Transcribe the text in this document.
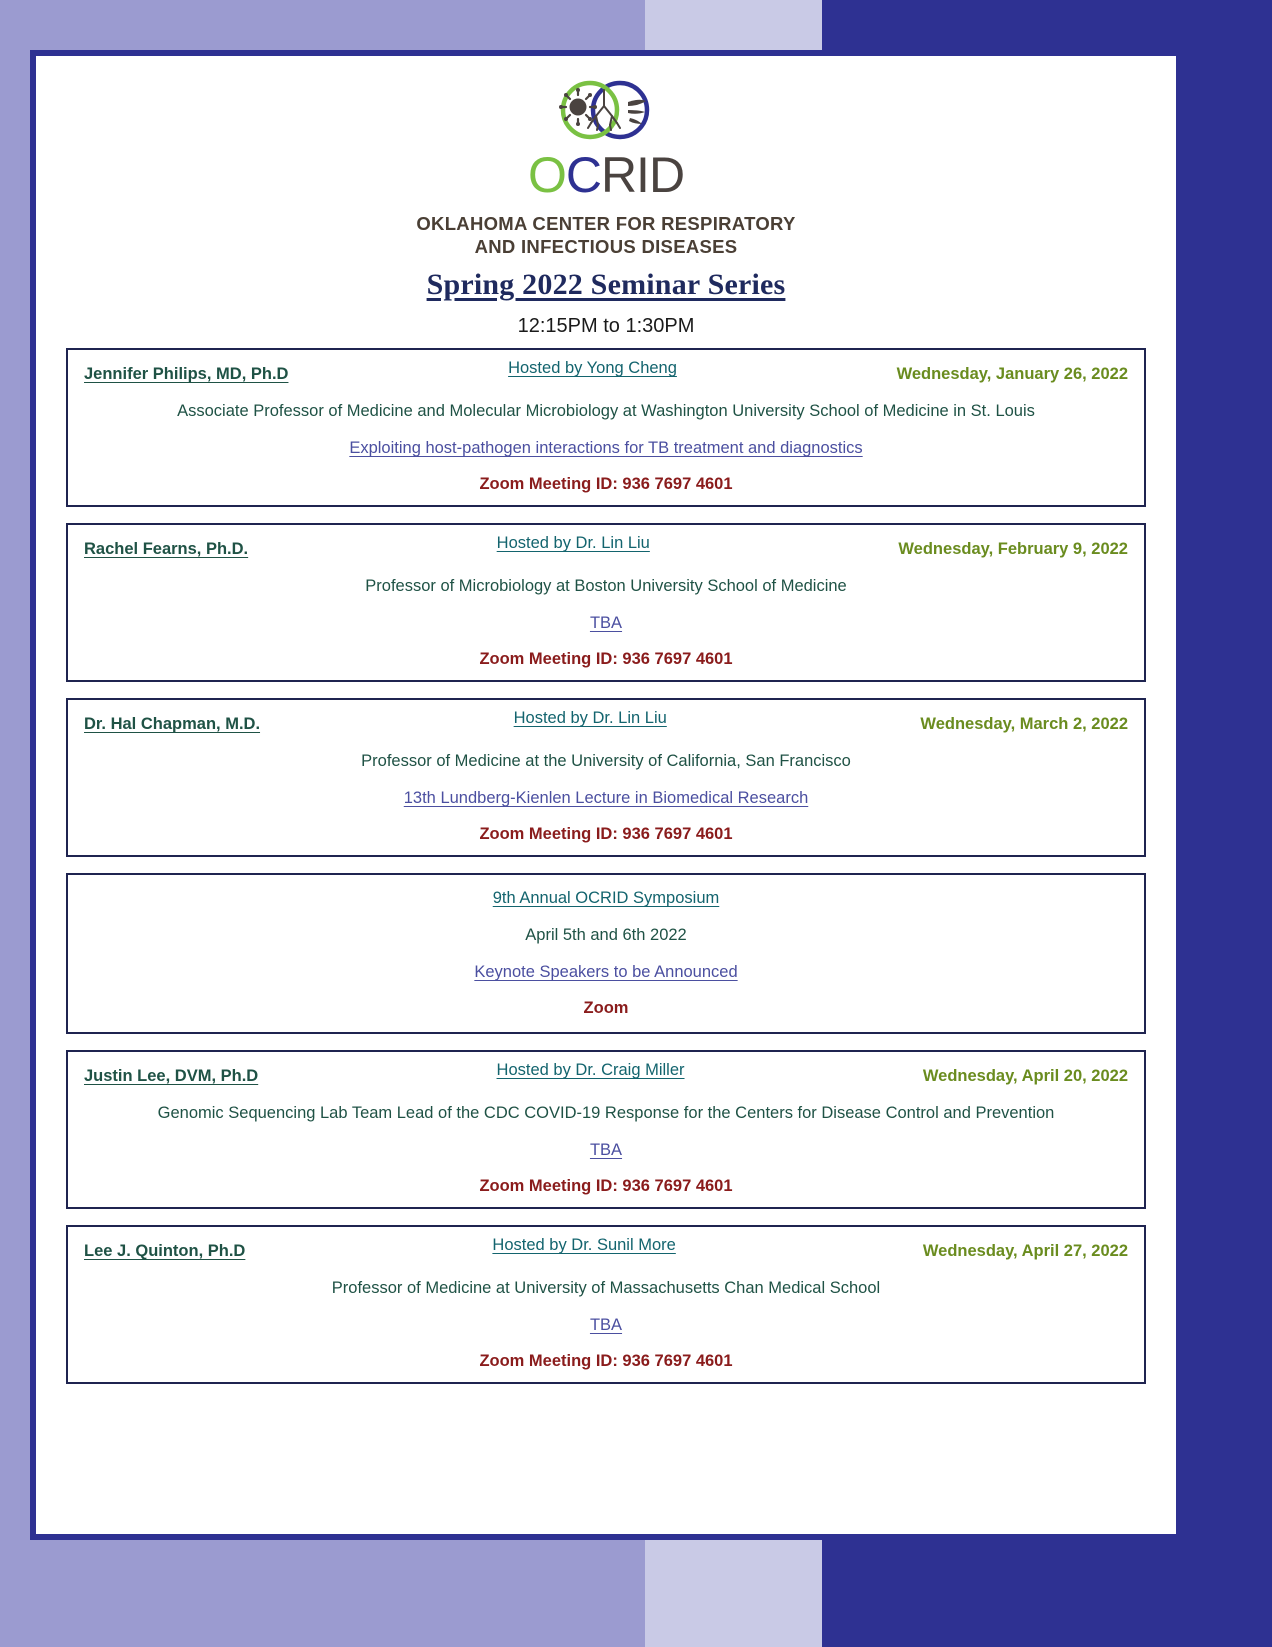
OCRID
OKLAHOMA CENTER FOR RESPIRATORY
AND INFECTIOUS DISEASES
Spring 2022 Seminar Series
12:15PM to 1:30PM
Jennifer Philips, MD, Ph.D	Hosted by Yong Cheng	Wednesday, January 26, 2022
Associate Professor of Medicine and Molecular Microbiology at Washington University School of Medicine in St. Louis
Exploiting host-pathogen interactions for TB treatment and diagnostics
Zoom Meeting ID: 936 7697 4601
Rachel Fearns, Ph.D.	Hosted by Dr. Lin Liu	Wednesday, February 9, 2022
Professor of Microbiology at Boston University School of Medicine
TBA
Zoom Meeting ID: 936 7697 4601
Dr. Hal Chapman, M.D.	Hosted by Dr. Lin Liu	Wednesday, March 2, 2022
Professor of Medicine at the University of California, San Francisco
13th Lundberg-Kienlen Lecture in Biomedical Research
Zoom Meeting ID: 936 7697 4601
9th Annual OCRID Symposium
April 5th and 6th 2022
Keynote Speakers to be Announced
Zoom
Justin Lee, DVM, Ph.D	Hosted by Dr. Craig Miller	Wednesday, April 20, 2022
Genomic Sequencing Lab Team Lead of the CDC COVID-19 Response for the Centers for Disease Control and Prevention
TBA
Zoom Meeting ID: 936 7697 4601
Lee J. Quinton, Ph.D	Hosted by Dr. Sunil More	Wednesday, April 27, 2022
Professor of Medicine at University of Massachusetts Chan Medical School
TBA
Zoom Meeting ID: 936 7697 4601
